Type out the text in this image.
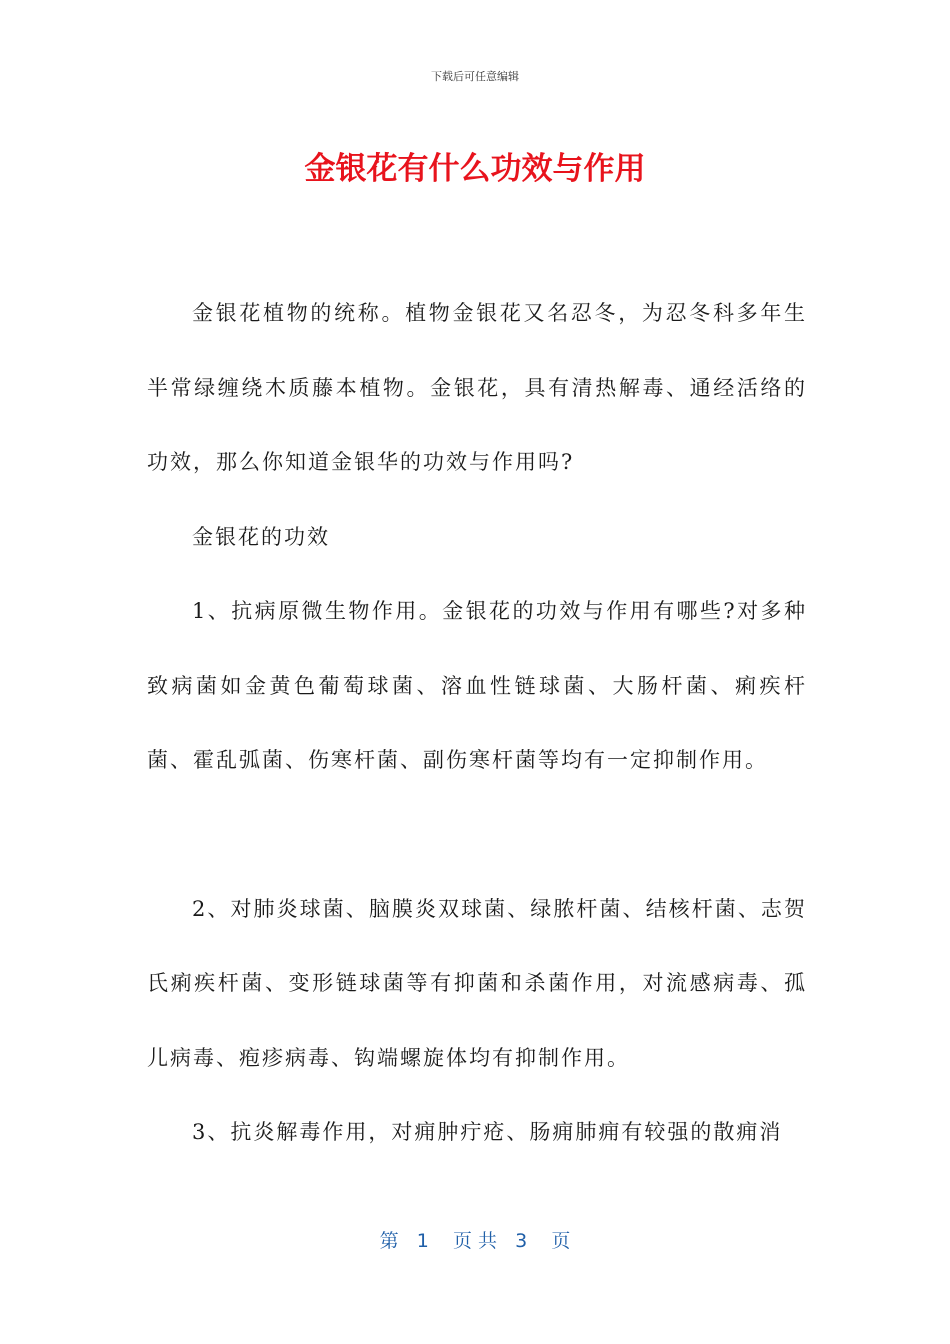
下载后可任意编辑
金银花有什么功效与作用

金银花植物的统称。植物金银花又名忍冬，为忍冬科多年生半常绿缠绕木质藤本植物。金银花，具有清热解毒、通经活络的功效，那么你知道金银华的功效与作用吗?

金银花的功效

1、抗病原微生物作用。金银花的功效与作用有哪些?对多种致病菌如金黄色葡萄球菌、溶血性链球菌、大肠杆菌、痢疾杆菌、霍乱弧菌、伤寒杆菌、副伤寒杆菌等均有一定抑制作用。

2、对肺炎球菌、脑膜炎双球菌、绿脓杆菌、结核杆菌、志贺氏痢疾杆菌、变形链球菌等有抑菌和杀菌作用，对流感病毒、孤儿病毒、疱疹病毒、钩端螺旋体均有抑制作用。

3、抗炎解毒作用，对痈肿疔疮、肠痈肺痈有较强的散痈消

第   1    页 共   3    页
